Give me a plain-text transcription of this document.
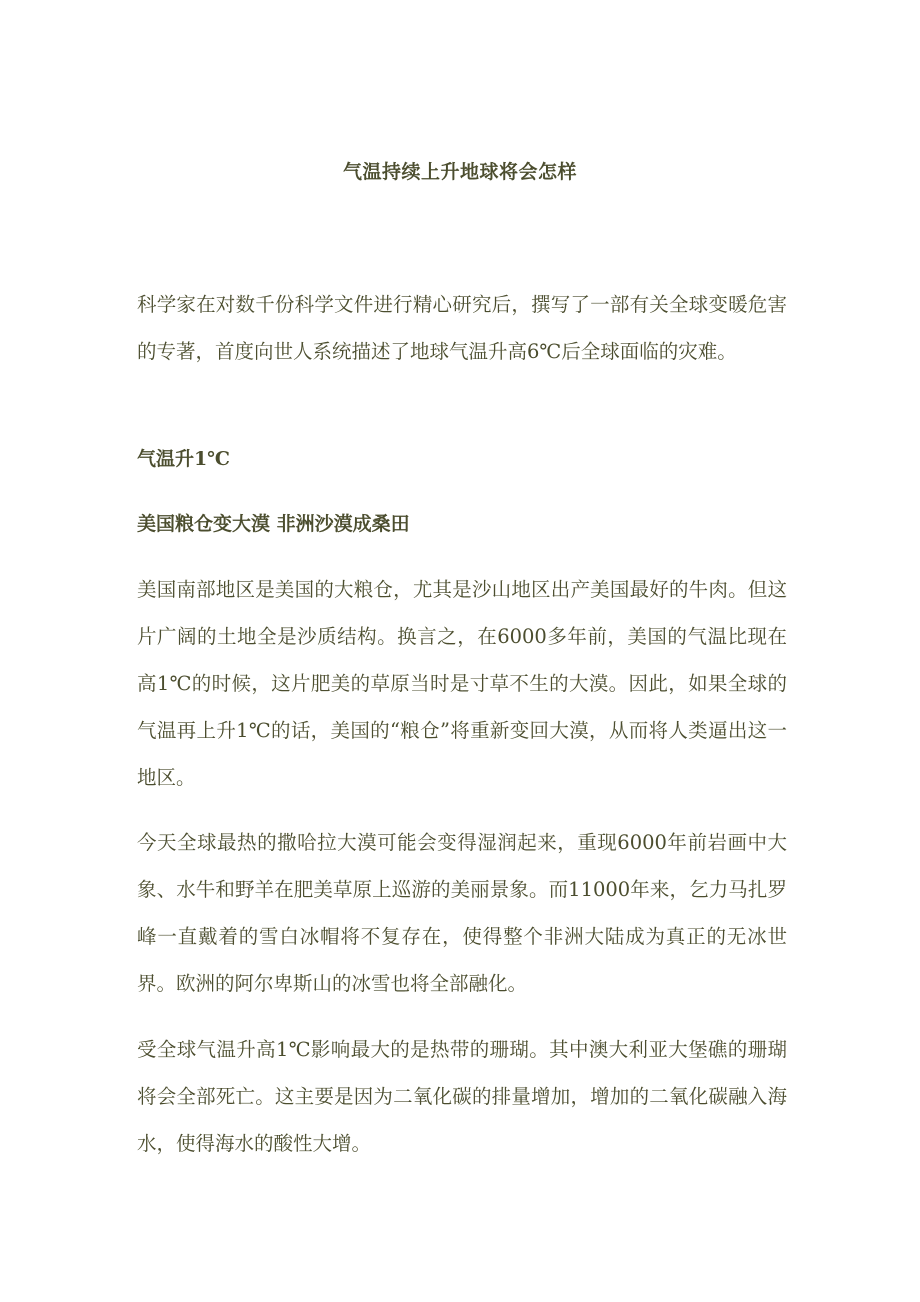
气温持续上升地球将会怎样

科学家在对数千份科学文件进行精心研究后，撰写了一部有关全球变暖危害的专著，首度向世人系统描述了地球气温升高6℃后全球面临的灾难。

气温升1℃
美国粮仓变大漠 非洲沙漠成桑田

美国南部地区是美国的大粮仓，尤其是沙山地区出产美国最好的牛肉。但这片广阔的土地全是沙质结构。换言之，在6000多年前，美国的气温比现在高1℃的时候，这片肥美的草原当时是寸草不生的大漠。因此，如果全球的气温再上升1℃的话，美国的“粮仓”将重新变回大漠，从而将人类逼出这一地区。

今天全球最热的撒哈拉大漠可能会变得湿润起来，重现6000年前岩画中大象、水牛和野羊在肥美草原上巡游的美丽景象。而11000年来，乞力马扎罗峰一直戴着的雪白冰帽将不复存在，使得整个非洲大陆成为真正的无冰世界。欧洲的阿尔卑斯山的冰雪也将全部融化。

受全球气温升高1℃影响最大的是热带的珊瑚。其中澳大利亚大堡礁的珊瑚将会全部死亡。这主要是因为二氧化碳的排量增加，增加的二氧化碳融入海水，使得海水的酸性大增。
